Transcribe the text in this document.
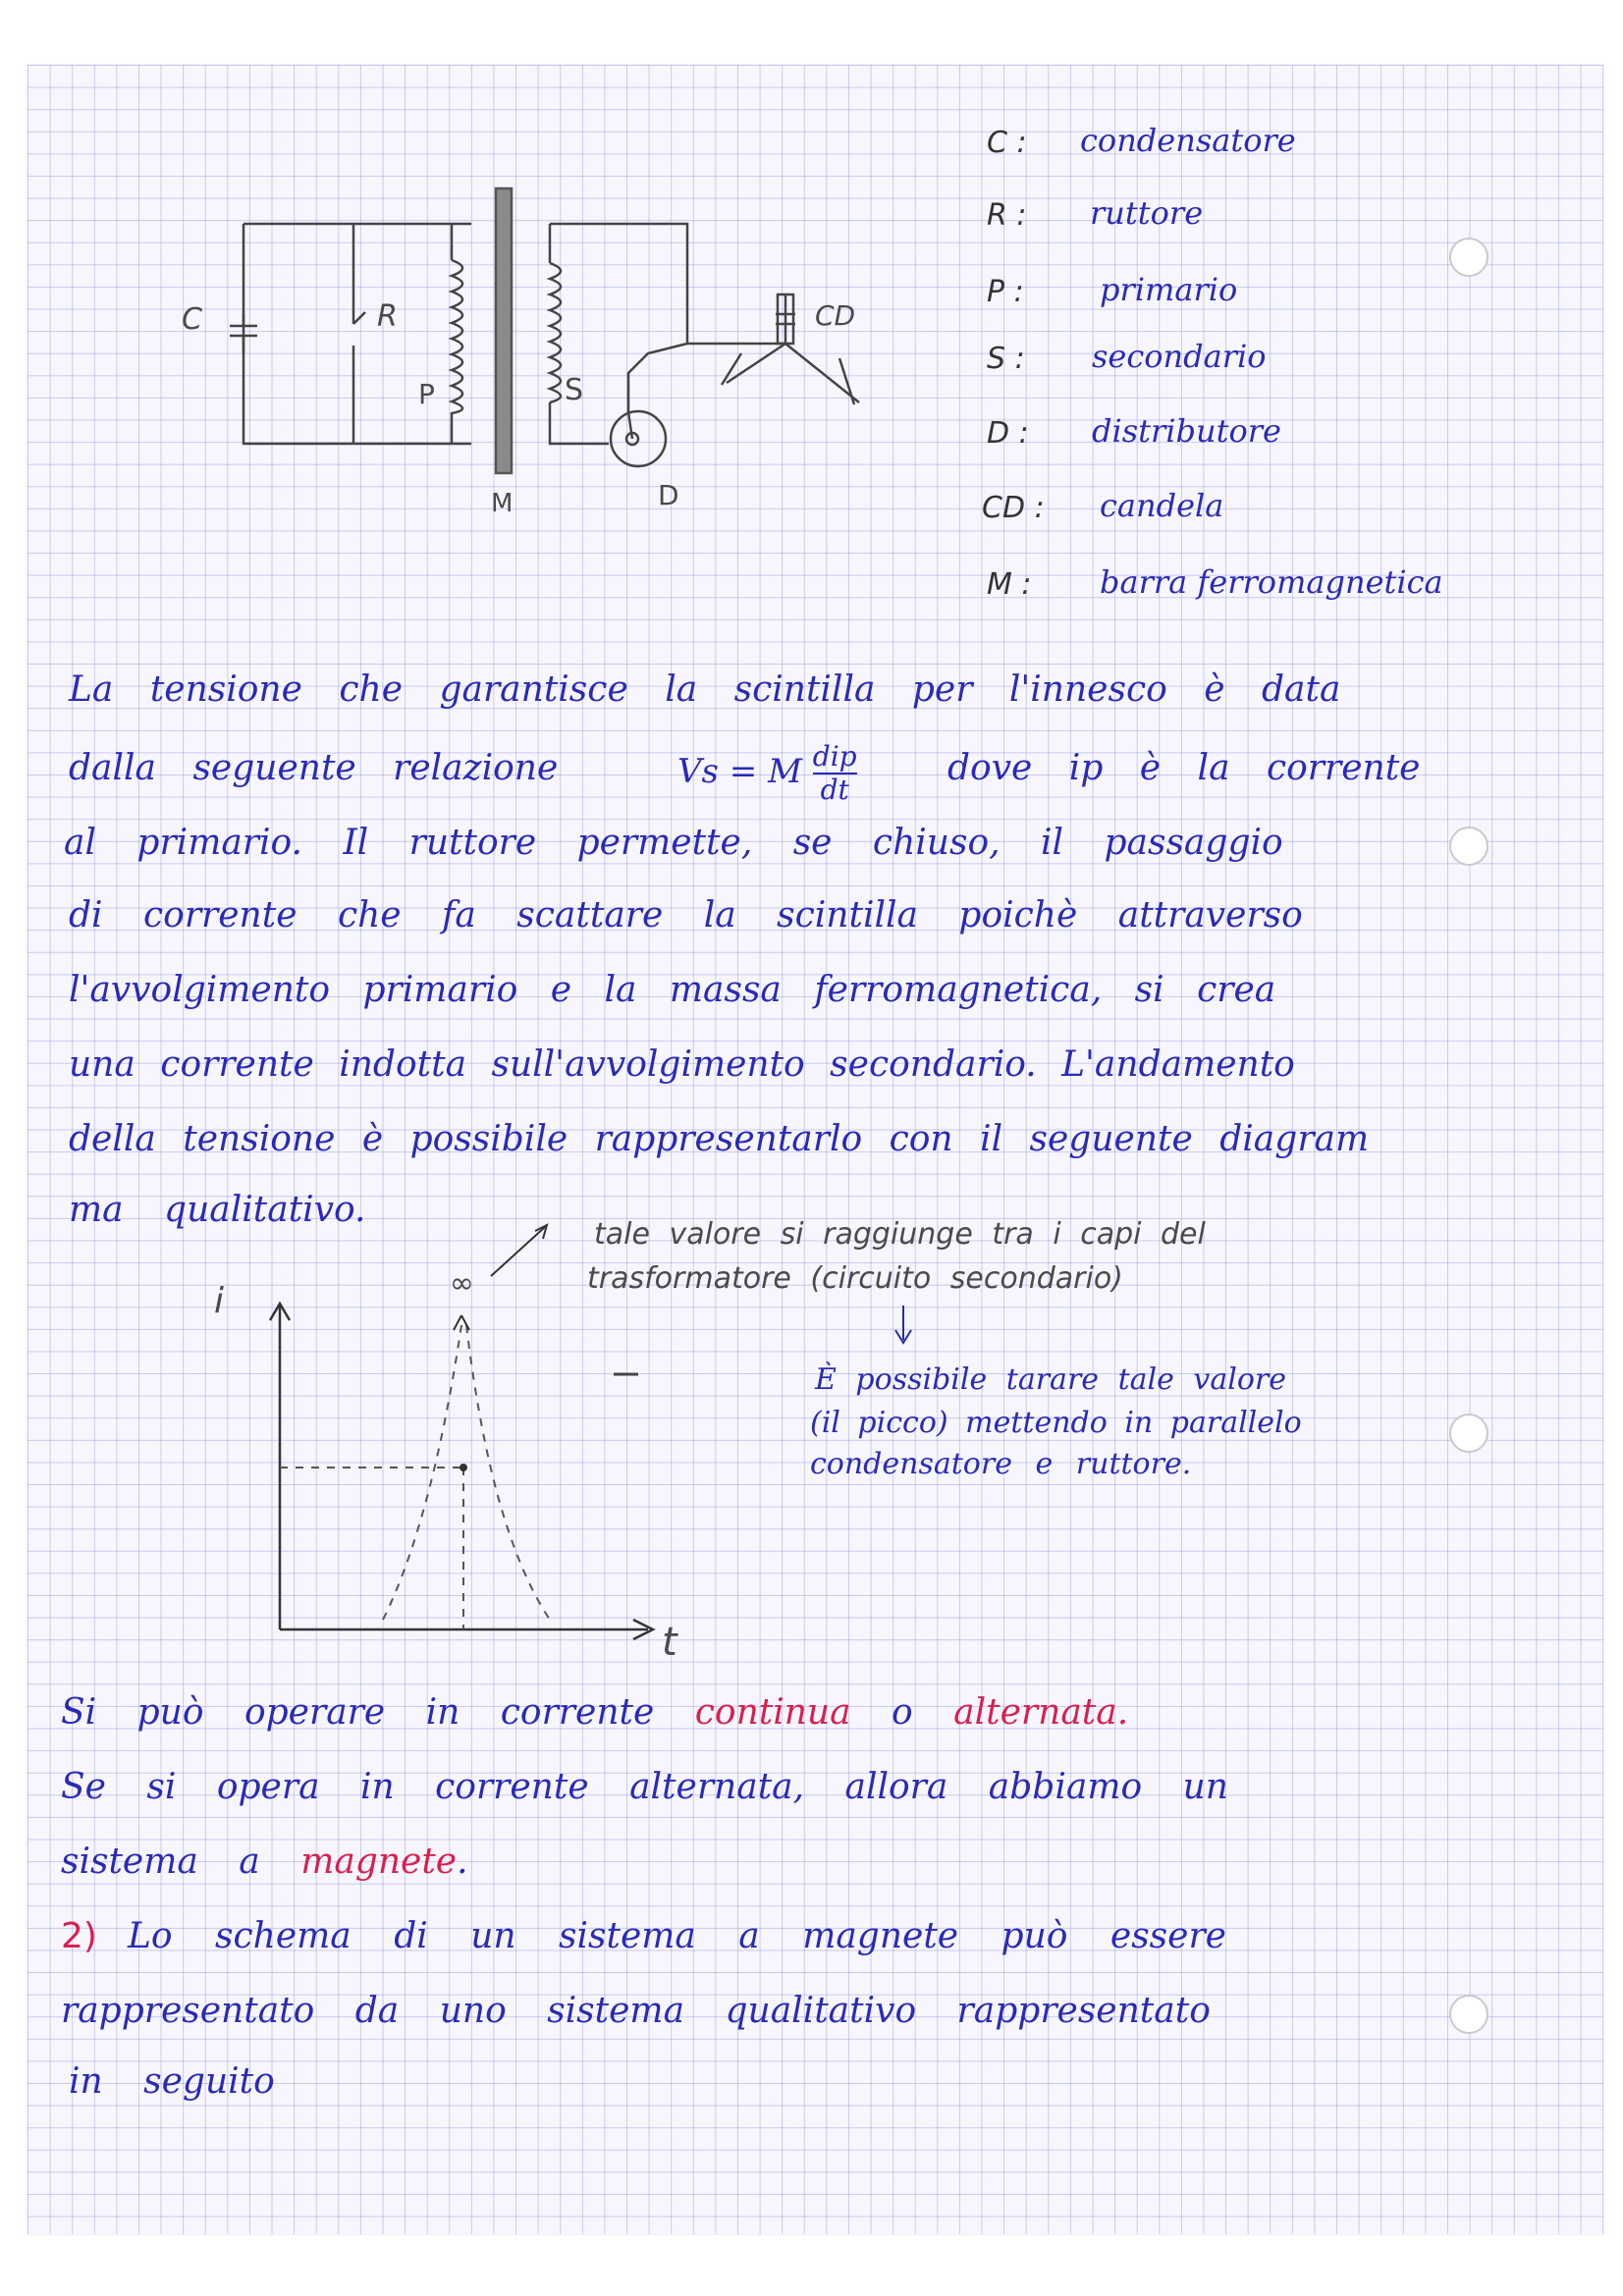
C	R
P	S
CD
M	D
C : condensatore
R : ruttore
P : primario
S : secondario
D : distributore
CD : candela
M : barra ferromagnetica
La tensione che garantisce la scintilla per l'innesco è data
dalla seguente relazione	Vs = M dip
dt
dove ip è la corrente
al primario. Il ruttore permette, se chiuso, il passaggio
di corrente che fa scattare la scintilla poichè attraverso
l'avvolgimento primario e la massa ferromagnetica, si crea
una corrente indotta sull'avvolgimento secondario. L'andamento
della tensione è possibile rappresentarlo con il seguente diagram
ma qualitativo.
i
t
∞
tale valore si raggiunge tra i capi del
trasformatore (circuito secondario)
È possibile tarare tale valore
(il picco) mettendo in parallelo
condensatore e ruttore.
Si può operare in corrente continua o alternata.
Se si opera in corrente alternata, allora abbiamo un
sistema a magnete.
2) Lo schema di un sistema a magnete può essere
rappresentato da uno sistema qualitativo rappresentato
in seguito
